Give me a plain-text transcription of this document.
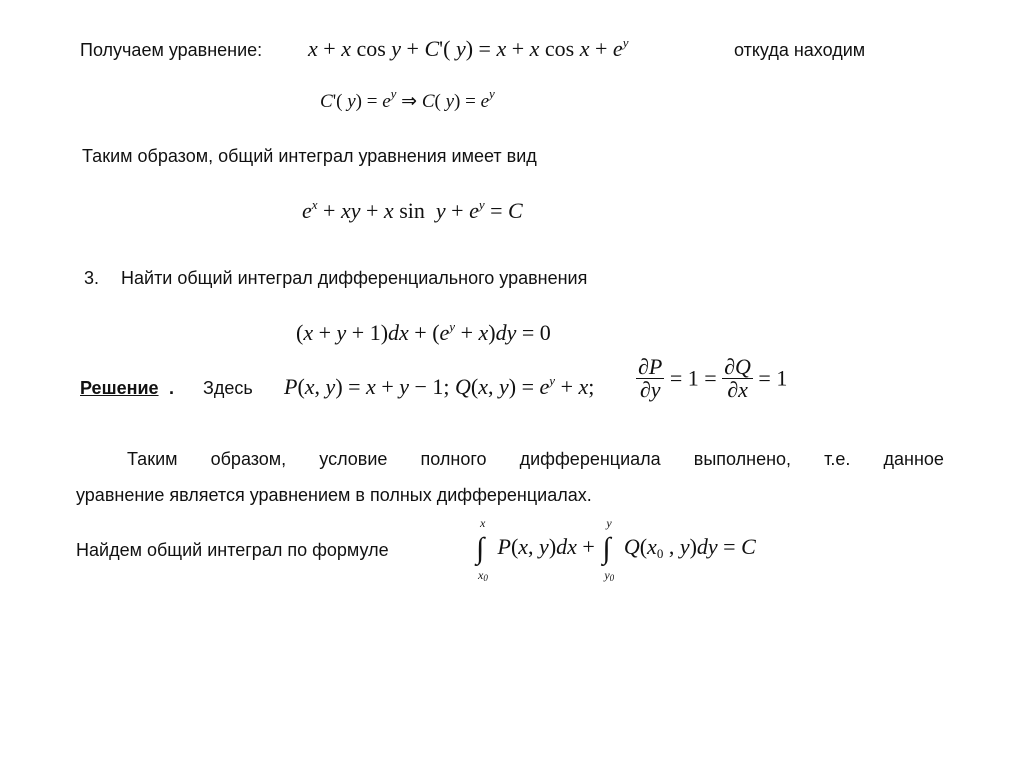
Получаем уравнение: x + x cos y + C'( y) = x + x $\cos x + e^y$	откуда находим
C'( $y) = e^y$ ⇒ C( $y) = e^y$
Таким образом, общий интеграл уравнения имеет вид
$e^x$ + xy + x $\sin y + e^y = C$
3. Найти общий интеграл дифференциального уравнения
$(x + y + 1)dx + (e^y + x)dy = 0$
Решение . Здесь P(x, y) = x + y − 1; Q(x, $y) = e^y + x$; $\frac{\partial P}{\partial y} = 1 = \frac{\partial Q}{\partial x} = 1$
Таким образом, условие полного дифференциала выполнено, т.е. данное
уравнение является уравнением в полных дифференциалах.
Найдем общий интеграл по формуле
x
∫
$x_0$
P(x, y)dx +
y
∫
$y_0$
$Q(x_0$ , y)dy = C
